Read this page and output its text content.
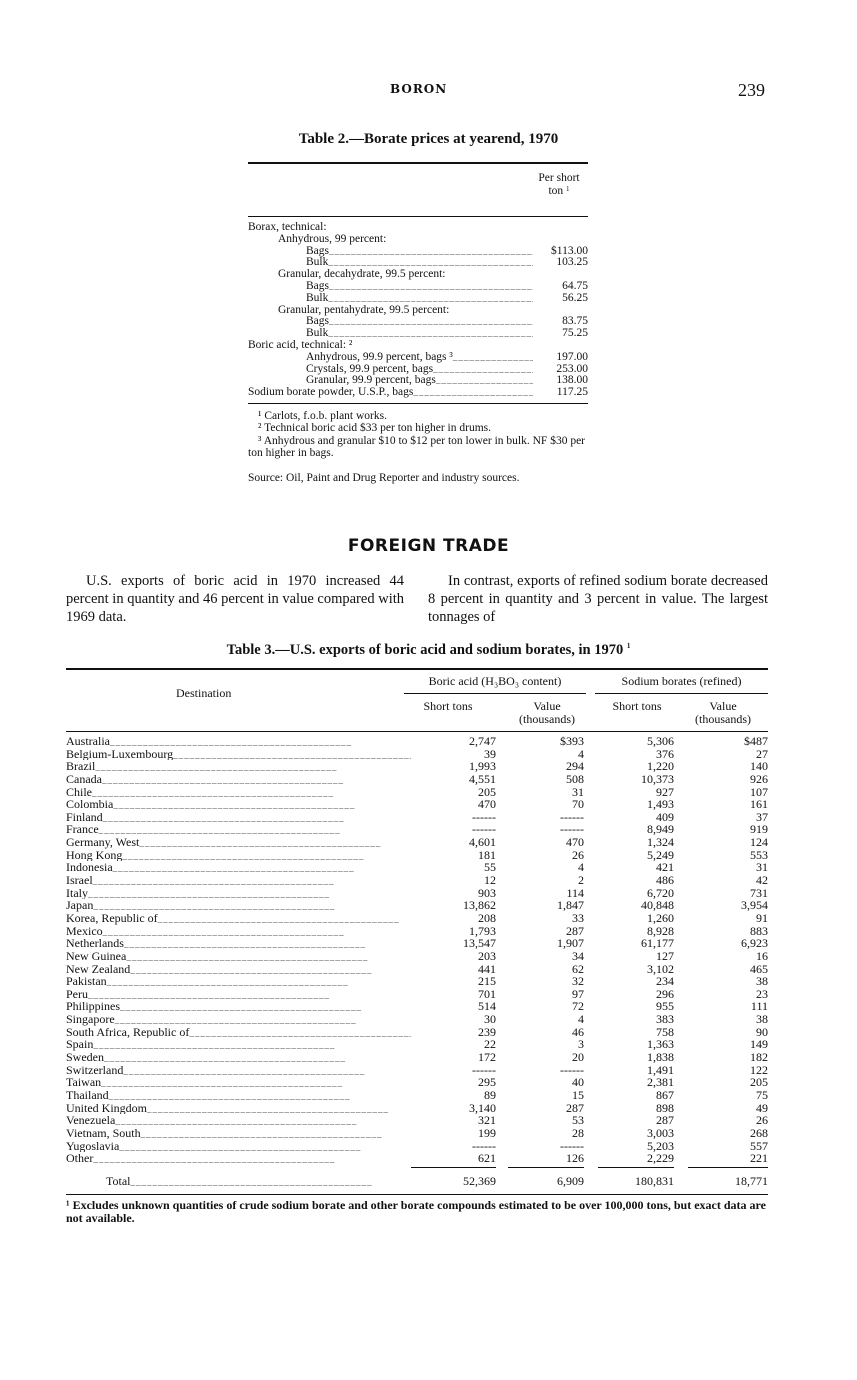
BORON	239
Table 2.—Borate prices at yearend, 1970
Per short ton $^1$
Borax, technical:
Anhydrous, 99 percent:
Bags _____	$113.00
Bulk _____	103.25
Granular, decahydrate, 99.5 percent:
Bags _____	64.75
Bulk _____	56.25
Granular, pentahydrate, 99.5 percent:
Bags _____	83.75
Bulk _____	75.25
Boric acid, technical: ²
Anhydrous, 99.9 percent, bags ³ _____	197.00
Crystals, 99.9 percent, bags _____	253.00
Granular, 99.9 percent, bags _____	138.00
Sodium borate powder, U.S.P., bags _____	117.25

¹ Carlots, f.o.b. plant works.

² Technical boric acid $33 per ton higher in drums.

³ Anhydrous and granular $10 to $12 per ton lower in bulk. NF $30 per ton higher in bags.

Source: Oil, Paint and Drug Reporter and industry sources.
FOREIGN TRADE
U.S. exports of boric acid in 1970 increased 44 percent in quantity and 46 percent in value compared with 1969 data.
In contrast, exports of refined sodium borate decreased 8 percent in quantity and 3 percent in value. The largest tonnages of
Table 3.—U.S. exports of boric acid and sodium borates, in 1970 $^1$
Destination
Boric acid (H₃BO₃ content)	Sodium borates (refined)
Short tons	Value
(thousands)
Short tons	Value
(thousands)
Australia _____	2,747	$393	5,306	$487
Belgium-Luxembourg _____	39	4	376	27
Brazil _____	1,993	294	1,220	140
Canada _____	4,551	508	10,373	926
Chile _____	205	31	927	107
Colombia _____	470	70	1,493	161
Finland _____	------	------	409	37
France _____	------	------	8,949	919
Germany, West _____	4,601	470	1,324	124
Hong Kong _____	181	26	5,249	553
Indonesia _____	55	4	421	31
Israel _____	12	2	486	42
Italy _____	903	114	6,720	731
Japan _____	13,862	1,847	40,848	3,954
Korea, Republic of _____	208	33	1,260	91
Mexico _____	1,793	287	8,928	883
Netherlands _____	13,547	1,907	61,177	6,923
New Guinea _____	203	34	127	16
New Zealand _____	441	62	3,102	465
Pakistan _____	215	32	234	38
Peru _____	701	97	296	23
Philippines _____	514	72	955	111
Singapore _____	30	4	383	38
South Africa, Republic of _____	239	46	758	90
Spain _____	22	3	1,363	149
Sweden _____	172	20	1,838	182
Switzerland _____	------	------	1,491	122
Taiwan _____	295	40	2,381	205
Thailand _____	89	15	867	75
United Kingdom _____	3,140	287	898	49
Venezuela _____	321	53	287	26
Vietnam, South _____	199	28	3,003	268
Yugoslavia _____	------	------	5,203	557
Other _____	621	126	2,229	221
Total _____	52,369	6,909	180,831	18,771
¹ Excludes unknown quantities of crude sodium borate and other borate compounds estimated to be over 100,000 tons, but exact data are not available.
